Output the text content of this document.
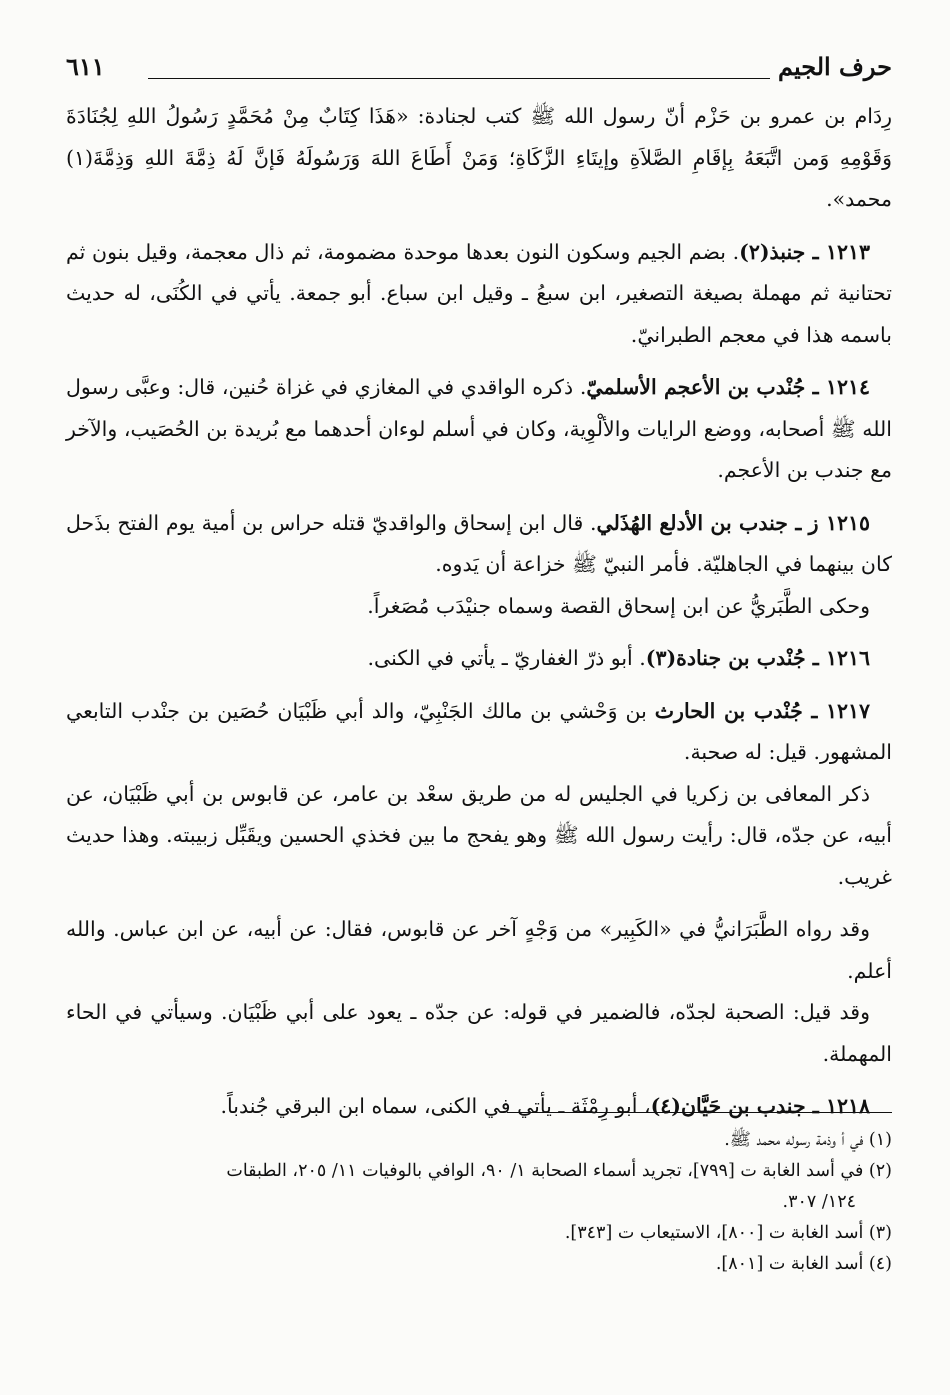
حرف الجيم
٦١١

رِدَام بن عمرو بن حَزْم أنّ رسول الله ﷺ كتب لجنادة: «هَذَا كِتَابٌ مِنْ مُحَمَّدٍ رَسُولُ اللهِ لِجُنَادَةَ وَقَوْمِهِ وَمن اتَّبَعَهُ بِإقَامِ الصَّلاَةِ وإيتَاءِ الزَّكَاةِ؛ وَمَنْ أَطَاعَ اللهَ وَرَسُولَهُ فَإنَّ لَهُ ذِمَّةَ اللهِ وَذِمَّةَ(١) محمد».

١٢١٣ ـ جنبذ(٢). بضم الجيم وسكون النون بعدها موحدة مضمومة، ثم ذال معجمة، وقيل بنون ثم تحتانية ثم مهملة بصيغة التصغير، ابن سبعُ ـ وقيل ابن سباع. أبو جمعة. يأتي في الكُنَى، له حديث باسمه هذا في معجم الطبرانيّ.

١٢١٤ ـ جُنْدب بن الأعجم الأسلميّ. ذكره الواقدي في المغازي في غزاة حُنين، قال: وعبَّى رسول الله ﷺ أصحابه، ووضع الرايات والألْوِية، وكان في أسلم لوءان أحدهما مع بُريدة بن الحُصَيب، والآخر مع جندب بن الأعجم.

١٢١٥ ز ـ جندب بن الأدلع الهُذَلي. قال ابن إسحاق والواقديّ قتله حراس بن أمية يوم الفتح بذَحل كان بينهما في الجاهليّة. فأمر النبيّ ﷺ خزاعة أن يَدوه.

وحكى الطَّبَريُّ عن ابن إسحاق القصة وسماه جنيْدَب مُصَغراً.

١٢١٦ ـ جُنْدب بن جنادة(٣). أبو ذرّ الغفاريّ ـ يأتي في الكنى.

١٢١٧ ـ جُنْدب بن الحارث بن وَحْشي بن مالك الجَنْبِيّ، والد أبي ظَبْيَان حُصَين بن جنْدب التابعي المشهور. قيل: له صحبة.

ذكر المعافى بن زكريا في الجليس له من طريق سعْد بن عامر، عن قابوس بن أبي ظَبْيَان، عن أبيه، عن جدّه، قال: رأيت رسول الله ﷺ وهو يفحج ما بين فخذي الحسين ويقَبِّل زبيبته. وهذا حديث غريب.

وقد رواه الطَّبَرَانيُّ في «الكَبِير» من وَجْهٍ آخر عن قابوس، فقال: عن أبيه، عن ابن عباس. والله أعلم.

وقد قيل: الصحبة لجدّه، فالضمير في قوله: عن جدّه ـ يعود على أبي ظَبْيَان. وسيأتي في الحاء المهملة.

١٢١٨ ـ جندب بن حَيَّان(٤)، أبو رِمْثَة ـ يأتي في الكنى، سماه ابن البرقي جُندباً.

(١) في أ وذمة رسوله محمد ﷺ.

(٢) في أسد الغابة ت [٧٩٩]، تجريد أسماء الصحابة ١/ ٩٠، الوافي بالوفيات ١١/ ٢٠٥، الطبقات

١٢٤/ ٣٠٧.

(٣) أسد الغابة ت [٨٠٠]، الاستيعاب ت [٣٤٣].

(٤) أسد الغابة ت [٨٠١].
